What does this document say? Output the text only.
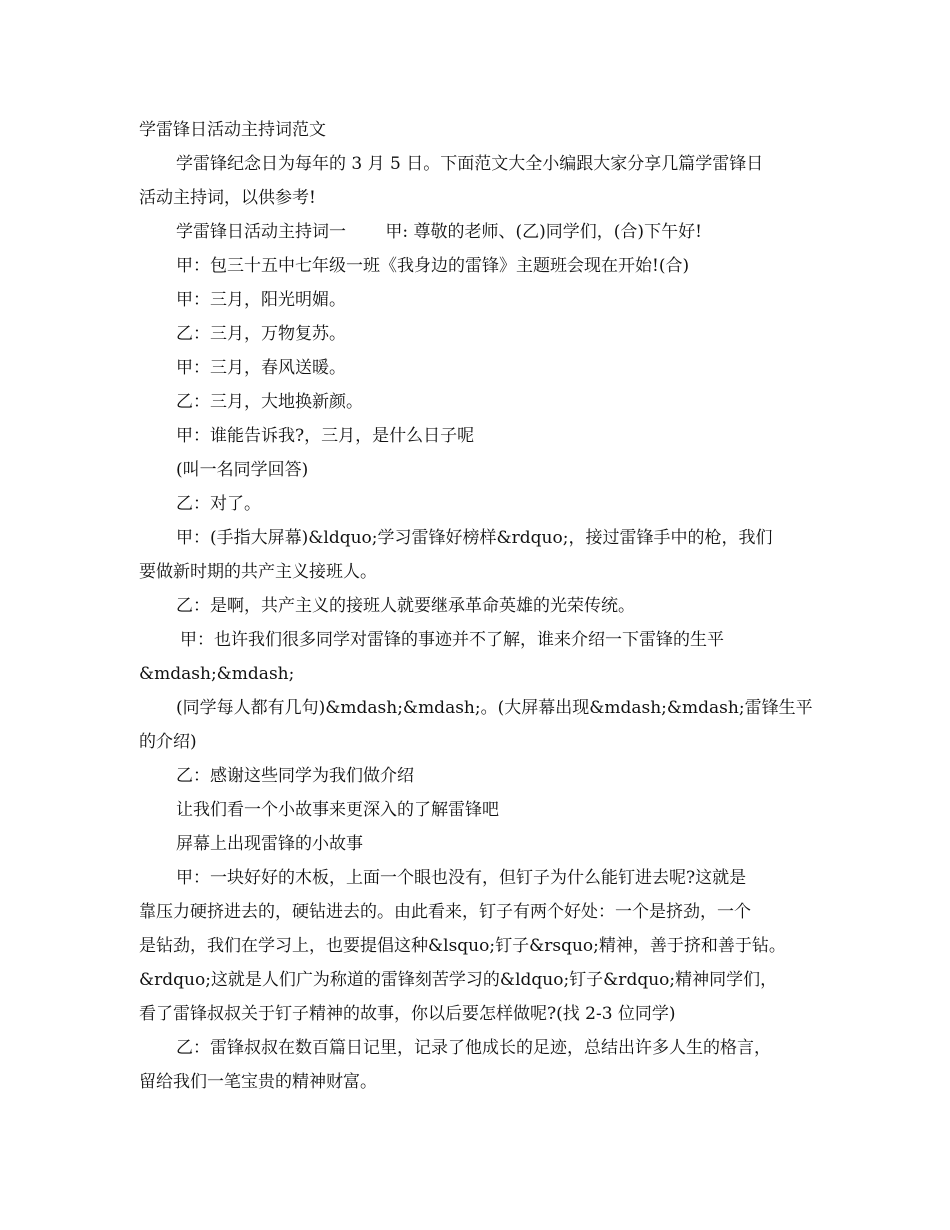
学雷锋日活动主持词范文
学雷锋纪念日为每年的 3 月 5 日。下面范文大全小编跟大家分享几篇学雷锋日
活动主持词，以供参考!
学雷锋日活动主持词一　　 甲: 尊敬的老师、(乙)同学们，(合)下午好!
甲：包三十五中七年级一班《我身边的雷锋》主题班会现在开始!(合)
甲：三月，阳光明媚。
乙：三月，万物复苏。
甲：三月，春风送暖。
乙：三月，大地换新颜。
甲：谁能告诉我?，三月，是什么日子呢
(叫一名同学回答)
乙：对了。
甲：(手指大屏幕)&ldquo;学习雷锋好榜样&rdquo;，接过雷锋手中的枪，我们
要做新时期的共产主义接班人。
乙：是啊，共产主义的接班人就要继承革命英雄的光荣传统。
甲：也许我们很多同学对雷锋的事迹并不了解，谁来介绍一下雷锋的生平
&mdash;&mdash;
(同学每人都有几句)&mdash;&mdash;。(大屏幕出现&mdash;&mdash;雷锋生平
的介绍)
乙：感谢这些同学为我们做介绍
让我们看一个小故事来更深入的了解雷锋吧
屏幕上出现雷锋的小故事
甲：一块好好的木板，上面一个眼也没有，但钉子为什么能钉进去呢?这就是
靠压力硬挤进去的，硬钻进去的。由此看来，钉子有两个好处：一个是挤劲，一个
是钻劲，我们在学习上，也要提倡这种&lsquo;钉子&rsquo;精神，善于挤和善于钻。
&rdquo;这就是人们广为称道的雷锋刻苦学习的&ldquo;钉子&rdquo;精神同学们，
看了雷锋叔叔关于钉子精神的故事，你以后要怎样做呢?(找 2-3 位同学)
乙：雷锋叔叔在数百篇日记里，记录了他成长的足迹，总结出许多人生的格言，
留给我们一笔宝贵的精神财富。
